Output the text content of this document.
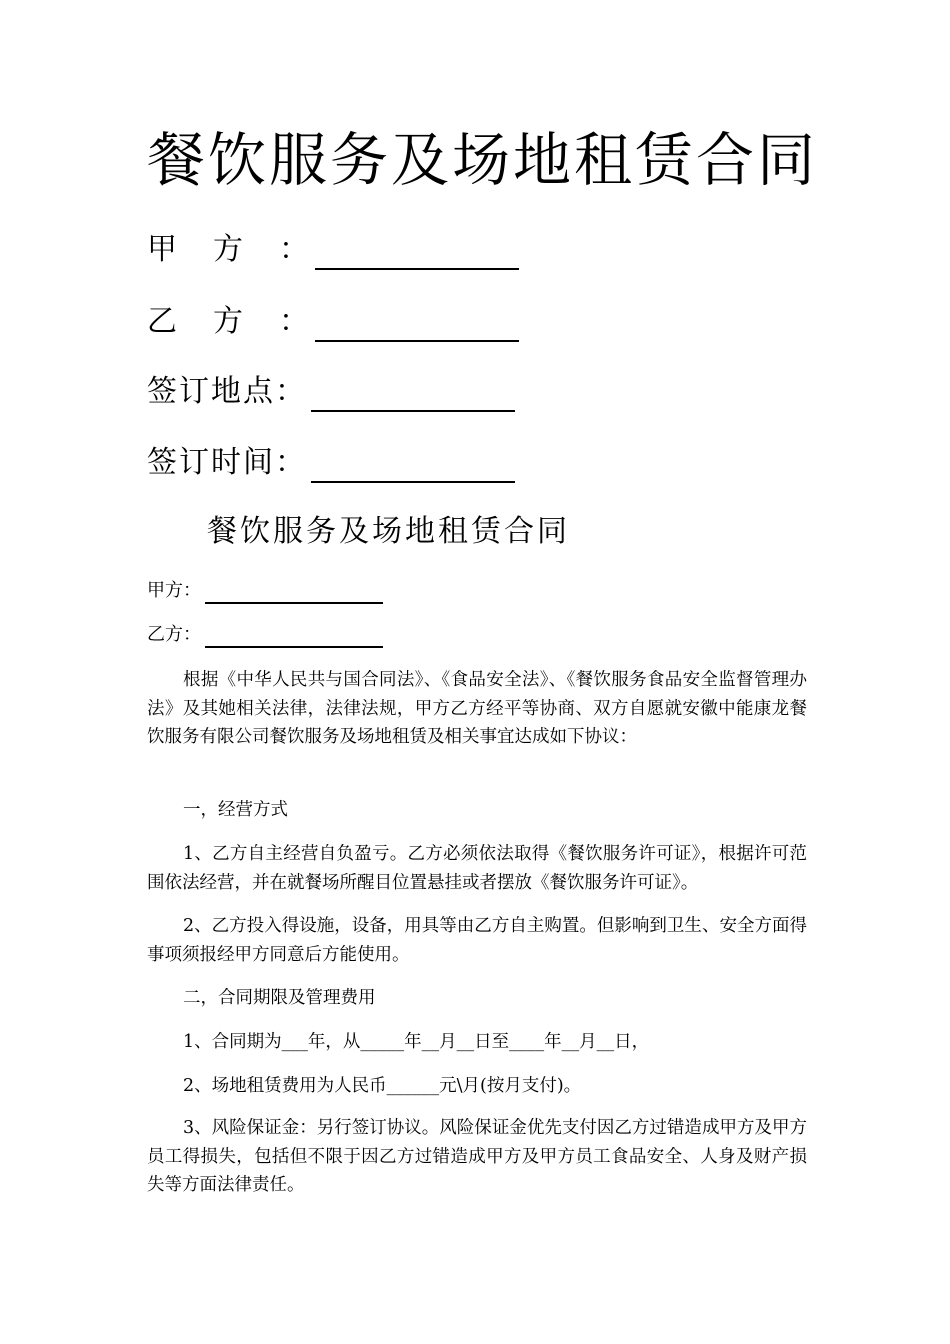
餐饮服务及场地租赁合同
甲方 ：
乙方 ：
签订地点 ：
签订时间 ：
餐饮服务及场地租赁合同
甲方：
乙方：

根据《中华人民共与国合同法》、《食品安全法》、《餐饮服务食品安全监督管理办法》及其她相关法律，法律法规，甲方乙方经平等协商、双方自愿就安徽中能康龙餐饮服务有限公司餐饮服务及场地租赁及相关事宜达成如下协议：

一，经营方式

1、乙方自主经营自负盈亏。乙方必须依法取得《餐饮服务许可证》，根据许可范围依法经营，并在就餐场所醒目位置悬挂或者摆放《餐饮服务许可证》。

2、乙方投入得设施，设备，用具等由乙方自主购置。但影响到卫生、安全方面得事项须报经甲方同意后方能使用。

二，合同期限及管理费用

1、合同期为___年，从_____年__月__日至____年__月__日，

2、场地租赁费用为人民币______元\月(按月支付)。

3、风险保证金：另行签订协议。风险保证金优先支付因乙方过错造成甲方及甲方员工得损失，包括但不限于因乙方过错造成甲方及甲方员工食品安全、人身及财产损失等方面法律责任。
